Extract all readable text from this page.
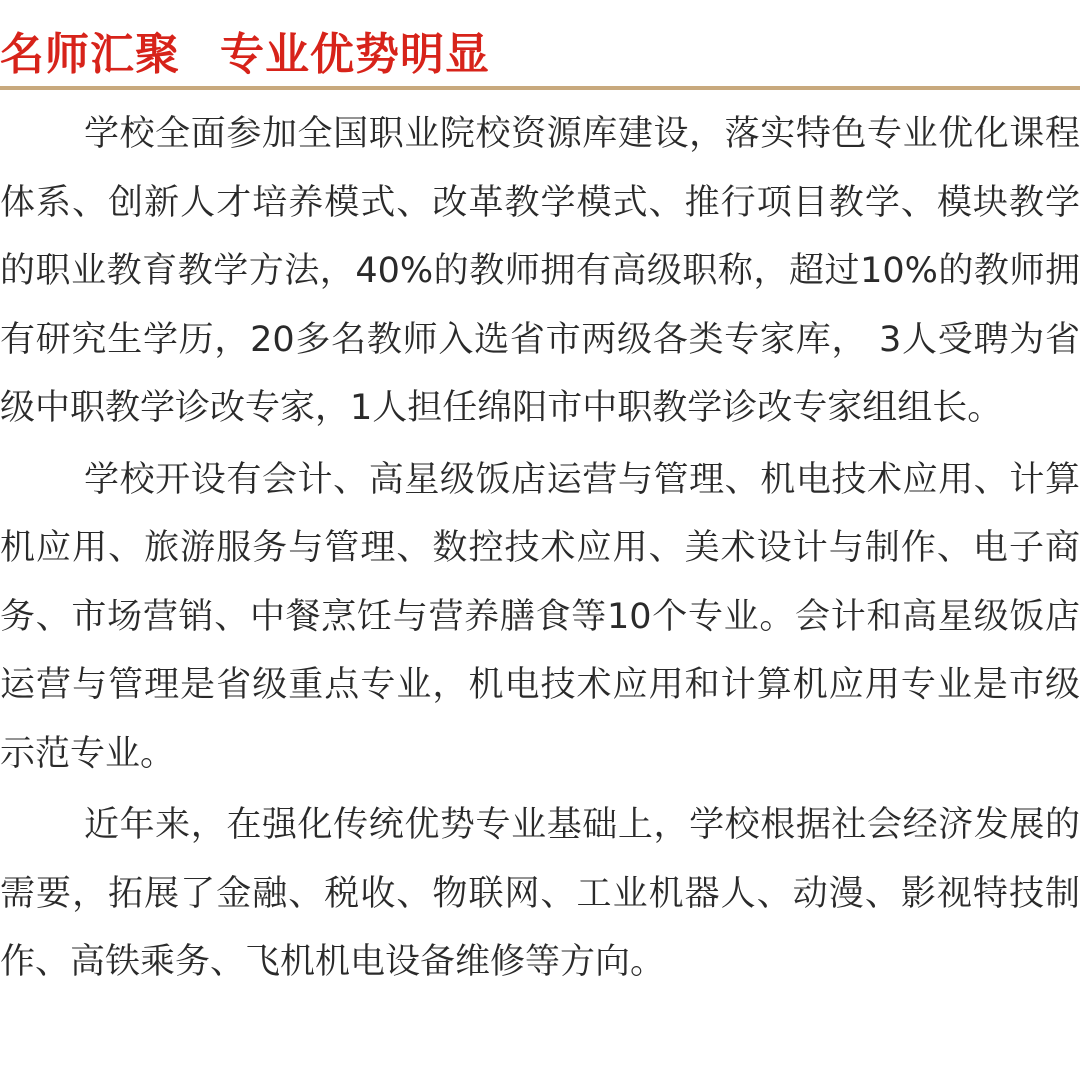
名师汇聚 专业优势明显

学校全面参加全国职业院校资源库建设，落实特色专业优化课程体系、创新人才培养模式、改革教学模式、推行项目教学、模块教学的职业教育教学方法，40%的教师拥有高级职称，超过10%的教师拥有研究生学历，20多名教师入选省市两级各类专家库， 3人受聘为省级中职教学诊改专家，1人担任绵阳市中职教学诊改专家组组长。

学校开设有会计、高星级饭店运营与管理、机电技术应用、计算机应用、旅游服务与管理、数控技术应用、美术设计与制作、电子商务、市场营销、中餐烹饪与营养膳食等10个专业。会计和高星级饭店运营与管理是省级重点专业，机电技术应用和计算机应用专业是市级示范专业。

近年来，在强化传统优势专业基础上，学校根据社会经济发展的需要，拓展了金融、税收、物联网、工业机器人、动漫、影视特技制作、高铁乘务、飞机机电设备维修等方向。
